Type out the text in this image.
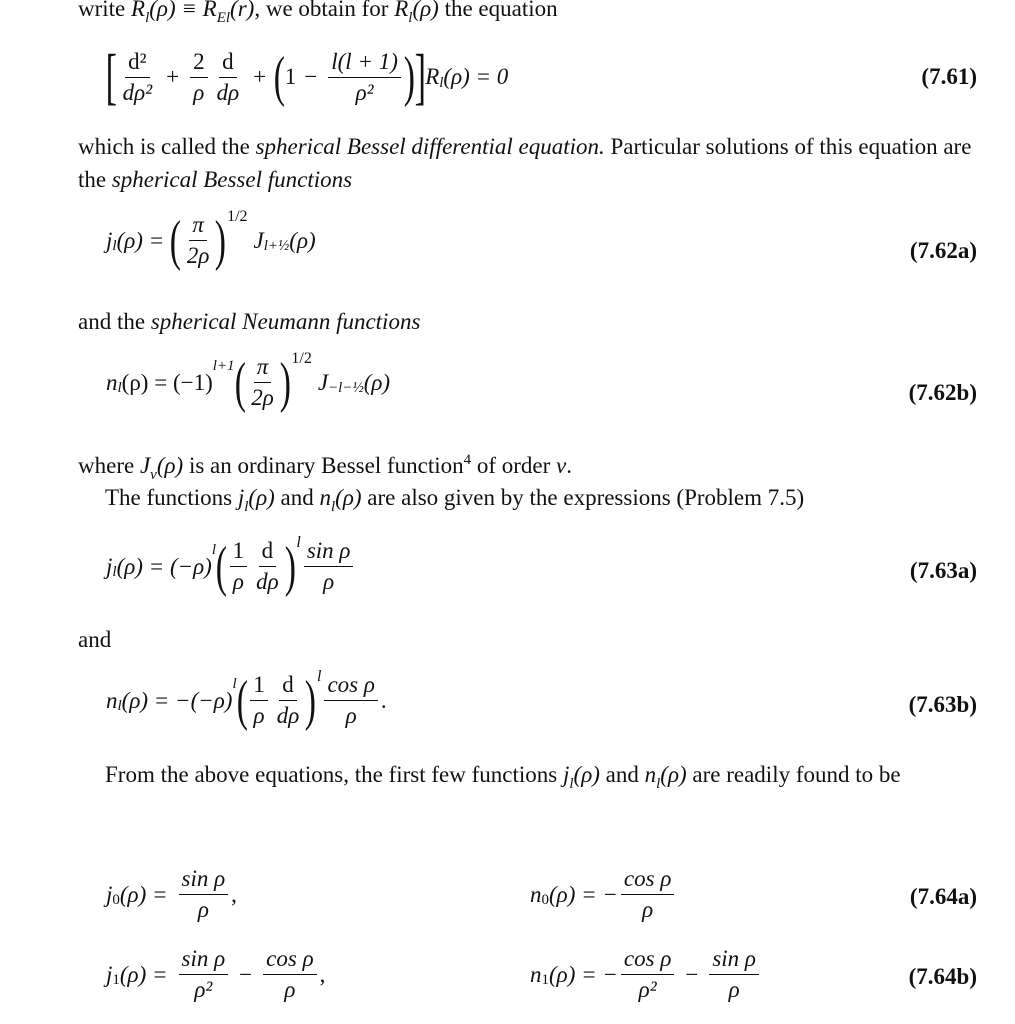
write $R_l(\rho) \equiv R_{El}(r)$, we obtain for $R_l(\rho)$ the equation
[ $\frac{\text{d²}}{\text{dρ²}} + \frac{2}{\rho} \frac{d}{d\rho}$ + ( $1 - \frac{l(l + 1)}{\text{ρ²}}$ ) ] R l (ρ) = 0	(7.61)
which is called the spherical Bessel differential equation. Particular solutions of this equation are the spherical Bessel functions
j l (ρ) = ( $\frac{\pi}{2\rho}$ ) 1/2
J l+½ (ρ)	(7.62a)
and the spherical Neumann functions
n l (ρ) = (−1)
l+1 ( $\frac{\pi}{2\rho}$ ) 1/2
J −l−½ (ρ)	(7.62b)
where $J_\nu(\rho)$ is an ordinary Bessel function$^4$ of order ν.
The functions $j_l(\rho)$ and $n_l(\rho)$ are also given by the expressions (Problem 7.5)
j l (ρ) = (−ρ)
l ( $\frac{1}{\rho} \frac{d}{d\rho}$ ) l $\frac{\text{sin ρ}}{\rho}$	(7.63a)
and
n l (ρ) = −(−ρ)
l ( $\frac{1}{\rho} \frac{d}{d\rho}$ ) l $\frac{\text{cos ρ}}{\rho}$ .	(7.63b)
From the above equations, the first few functions $j_l(\rho)$ and $n_l(\rho)$ are readily found to be
j 0 $(\rho) = \frac{\text{sin ρ}}{\rho}$ ,	n 0 (ρ) = − $\frac{\text{cos ρ}}{\rho}$	(7.64a)
j 1 $(\rho) = \frac{\text{sin ρ}}{\text{ρ²}} - \frac{\text{cos ρ}}{\rho}$ ,	n 1 (ρ) = − $\frac{\text{cos ρ}}{\text{ρ²}} - \frac{\text{sin ρ}}{\rho}$	(7.64b)
